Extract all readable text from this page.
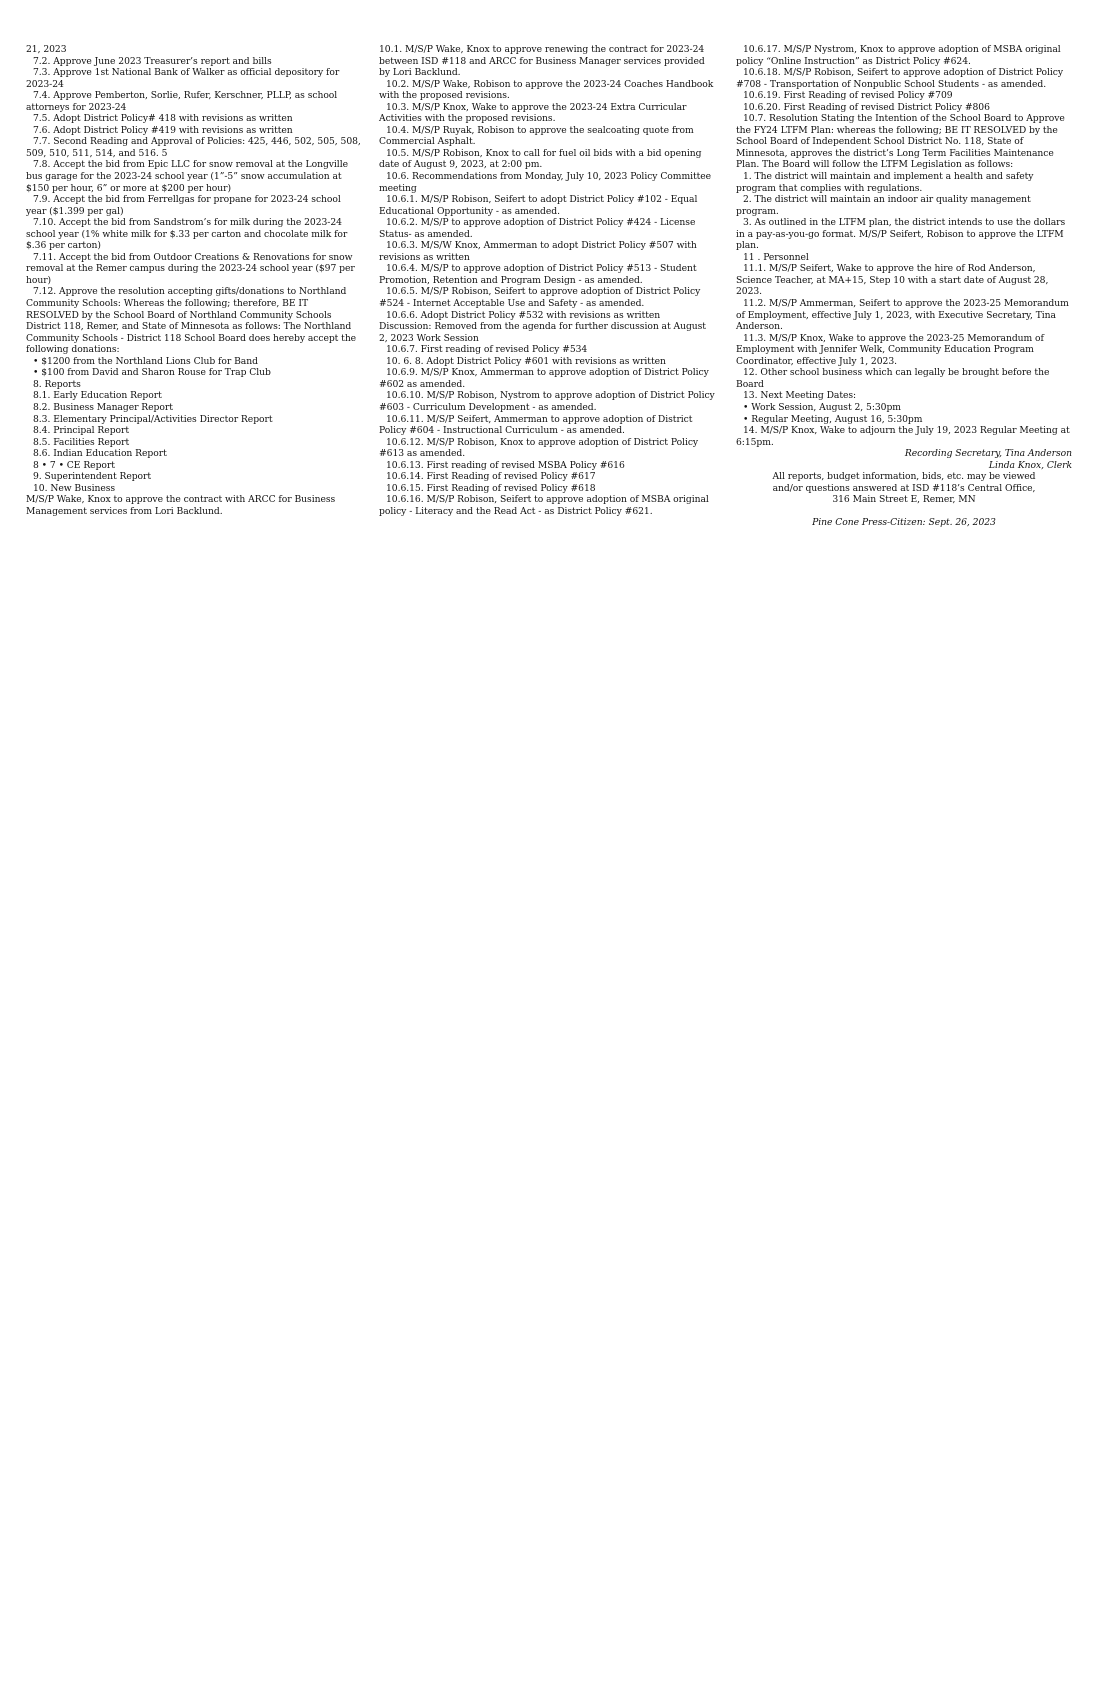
21, 2023

7.2. Approve June 2023 Treasurer’s report and bills

7.3. Approve 1st National Bank of Walker as official depository for 2023-24

7.4. Approve Pemberton, Sorlie, Rufer, Kerschner, PLLP, as school attorneys for 2023-24

7.5. Adopt District Policy# 418 with revisions as written

7.6. Adopt District Policy #419 with revisions as written

7.7. Second Reading and Approval of Policies: 425, 446, 502, 505, 508, 509, 510, 511, 514, and 516. 5

7.8. Accept the bid from Epic LLC for snow removal at the Longville bus garage for the 2023-24 school year (1”-5” snow accumulation at $150 per hour, 6” or more at $200 per hour)

7.9. Accept the bid from Ferrellgas for propane for 2023-24 school year ($1.399 per gal)

7.10. Accept the bid from Sandstrom’s for milk during the 2023-24 school year (1% white milk for $.33 per carton and chocolate milk for $.36 per carton)

7.11. Accept the bid from Outdoor Creations & Renovations for snow removal at the Remer campus during the 2023-24 school year ($97 per hour)

7.12. Approve the resolution accepting gifts/donations to Northland Community Schools: Whereas the following; therefore, BE IT RESOLVED by the School Board of Northland Community Schools District 118, Remer, and State of Minnesota as follows: The Northland Community Schools - District 118 School Board does hereby accept the following donations:

• $1200 from the Northland Lions Club for Band

• $100 from David and Sharon Rouse for Trap Club

8. Reports

8.1. Early Education Report

8.2. Business Manager Report

8.3. Elementary Principal/Activities Director Report

8.4. Principal Report

8.5. Facilities Report

8.6. Indian Education Report

8 • 7 • CE Report

9. Superintendent Report

10. New Business

M/S/P Wake, Knox to approve the contract with ARCC for Business Management services from Lori Backlund.

10.1. M/S/P Wake, Knox to approve renewing the contract for 2023-24 between ISD #118 and ARCC for Business Manager services provided by Lori Backlund.

10.2. M/S/P Wake, Robison to approve the 2023-24 Coaches Handbook with the proposed revisions.

10.3. M/S/P Knox, Wake to approve the 2023-24 Extra Curricular Activities with the proposed revisions.

10.4. M/S/P Ruyak, Robison to approve the sealcoating quote from Commercial Asphalt.

10.5. M/S/P Robison, Knox to call for fuel oil bids with a bid opening date of August 9, 2023, at 2:00 pm.

10.6. Recommendations from Monday, July 10, 2023 Policy Committee meeting

10.6.1. M/S/P Robison, Seifert to adopt District Policy #102 - Equal Educational Opportunity - as amended.

10.6.2. M/S/P to approve adoption of District Policy #424 - License Status- as amended.

10.6.3. M/S/W Knox, Ammerman to adopt District Policy #507 with revisions as written

10.6.4. M/S/P to approve adoption of District Policy #513 - Student Promotion, Retention and Program Design - as amended.

10.6.5. M/S/P Robison, Seifert to approve adoption of District Policy #524 - Internet Acceptable Use and Safety - as amended.

10.6.6. Adopt District Policy #532 with revisions as written Discussion: Removed from the agenda for further discussion at August 2, 2023 Work Session

10.6.7. First reading of revised Policy #534

10. 6. 8. Adopt District Policy #601 with revisions as written

10.6.9. M/S/P Knox, Ammerman to approve adoption of District Policy #602 as amended.

10.6.10. M/S/P Robison, Nystrom to approve adoption of District Policy #603 - Curriculum Development - as amended.

10.6.11. M/S/P Seifert, Ammerman to approve adoption of District Policy #604 - Instructional Curriculum - as amended.

10.6.12. M/S/P Robison, Knox to approve adoption of District Policy #613 as amended.

10.6.13. First reading of revised MSBA Policy #616

10.6.14. First Reading of revised Policy #617

10.6.15. First Reading of revised Policy #618

10.6.16. M/S/P Robison, Seifert to approve adoption of MSBA original policy - Literacy and the Read Act - as District Policy #621.

10.6.17. M/S/P Nystrom, Knox to approve adoption of MSBA original policy “Online Instruction” as District Policy #624.

10.6.18. M/S/P Robison, Seifert to approve adoption of District Policy #708 - Transportation of Nonpublic School Students - as amended.

10.6.19. First Reading of revised Policy #709

10.6.20. First Reading of revised District Policy #806

10.7. Resolution Stating the Intention of the School Board to Approve the FY24 LTFM Plan: whereas the following; BE IT RESOLVED by the School Board of Independent School District No. 118, State of Minnesota, approves the district’s Long Term Facilities Maintenance Plan. The Board will follow the LTFM Legislation as follows:

1. The district will maintain and implement a health and safety program that complies with regulations.

2. The district will maintain an indoor air quality management program.

3. As outlined in the LTFM plan, the district intends to use the dollars in a pay-as-you-go format. M/S/P Seifert, Robison to approve the LTFM plan.

11 . Personnel

11.1. M/S/P Seifert, Wake to approve the hire of Rod Anderson, Science Teacher, at MA+15, Step 10 with a start date of August 28, 2023.

11.2. M/S/P Ammerman, Seifert to approve the 2023-25 Memorandum of Employment, effective July 1, 2023, with Executive Secretary, Tina Anderson.

11.3. M/S/P Knox, Wake to approve the 2023-25 Memorandum of Employment with Jennifer Welk, Community Education Program Coordinator, effective July 1, 2023.

12. Other school business which can legally be brought before the Board

13. Next Meeting Dates:

• Work Session, August 2, 5:30pm

• Regular Meeting, August 16, 5:30pm

14. M/S/P Knox, Wake to adjourn the July 19, 2023 Regular Meeting at 6:15pm.

Recording Secretary, Tina Anderson

Linda Knox, Clerk

All reports, budget information, bids, etc. may be viewed

and/or questions answered at ISD #118’s Central Office,

316 Main Street E, Remer, MN

Pine Cone Press-Citizen: Sept. 26, 2023
